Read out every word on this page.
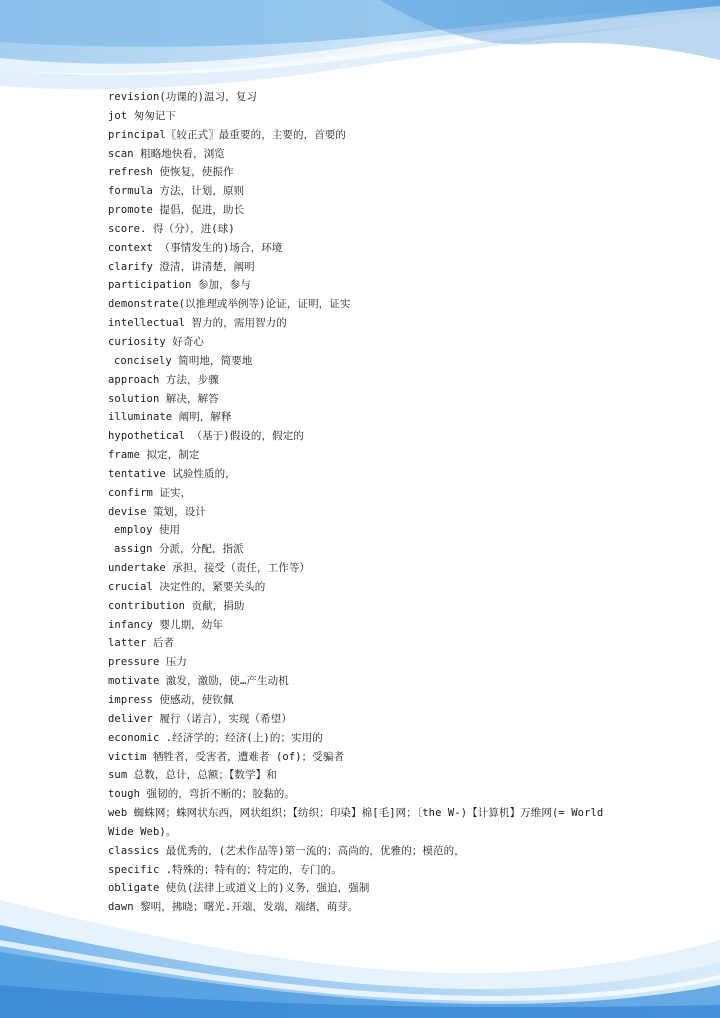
revision(功课的)温习，复习
jot 匆匆记下
principal〖较正式〗最重要的，主要的，首要的
scan 粗略地快看，浏览
refresh 使恢复，使振作
formula 方法，计划，原则
promote 提倡，促进，助长
score. 得（分），进(球)
context （事情发生的)场合，环境
clarify 澄清，讲清楚，阐明
participation 参加，参与
demonstrate(以推理或举例等)论证，证明，证实
intellectual 智力的，需用智力的
curiosity 好奇心
concisely 简明地，简要地
approach 方法，步骤
solution 解决，解答
illuminate 阐明，解释
hypothetical （基于)假设的，假定的
frame 拟定，制定
tentative 试验性质的，
confirm 证实，
devise 策划，设计
employ 使用
assign 分派，分配，指派
undertake 承担，接受（责任，工作等）
crucial 决定性的，紧要关头的
contribution 贡献，捐助
infancy 婴儿期，幼年
latter 后者
pressure 压力
motivate 激发，激励，使…产生动机
impress 使感动，使钦佩
deliver 履行（诺言），实现（希望）
economic .经济学的；经济(上)的；实用的
victim 牺牲者，受害者，遭难者 (of)；受骗者
sum 总数，总计，总额；【数学】和
tough 强韧的，弯折不断的；胶黏的。
web 蜘蛛网；蛛网状东西，网状组织；【纺织；印染】棉[毛]网；〔the W-)【计算机】万维网(= World Wide Web)。
classics 最优秀的，(艺术作品等)第一流的；高尚的，优雅的；模范的，
specific .特殊的；特有的；特定的，专门的。
obligate 使负(法律上或道义上的)义务，强迫，强制
dawn 黎明，拂晓；曙光.开端，发端，端绪，萌芽。
